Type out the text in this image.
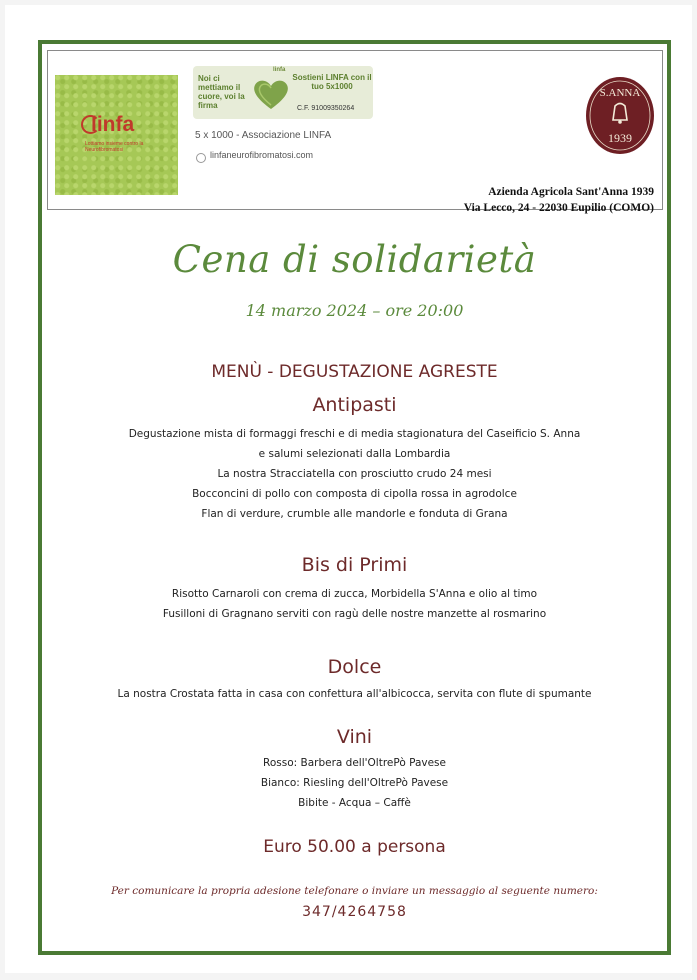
linfa
Lottiamo insieme contro la Neurofibromatosi
linfa
Noi ci mettiamo il cuore, voi la firma
Sostieni LINFA con il tuo 5x1000
C.F. 91009350264
5 x 1000 - Associazione LINFA
linfaneurofibromatosi.com
S.ANNA
1939
Azienda Agricola Sant'Anna 1939
Via Lecco, 24 - 22030 Eupilio (COMO)
Cena di solidarietà
14 marzo 2024 – ore 20:00
MENÙ - DEGUSTAZIONE AGRESTE
Antipasti
Degustazione mista di formaggi freschi e di media stagionatura del Caseificio S. Anna
e salumi selezionati dalla Lombardia
La nostra Stracciatella con prosciutto crudo 24 mesi
Bocconcini di pollo con composta di cipolla rossa in agrodolce
Flan di verdure, crumble alle mandorle e fonduta di Grana
Bis di Primi
Risotto Carnaroli con crema di zucca, Morbidella S'Anna e olio al timo
Fusilloni di Gragnano serviti con ragù delle nostre manzette al rosmarino
Dolce
La nostra Crostata fatta in casa con confettura all'albicocca, servita con flute di spumante
Vini
Rosso: Barbera dell'OltrePò Pavese
Bianco: Riesling dell'OltrePò Pavese
Bibite - Acqua – Caffè
Euro 50.00 a persona
Per comunicare la propria adesione telefonare o inviare un messaggio al seguente numero:
347/4264758
